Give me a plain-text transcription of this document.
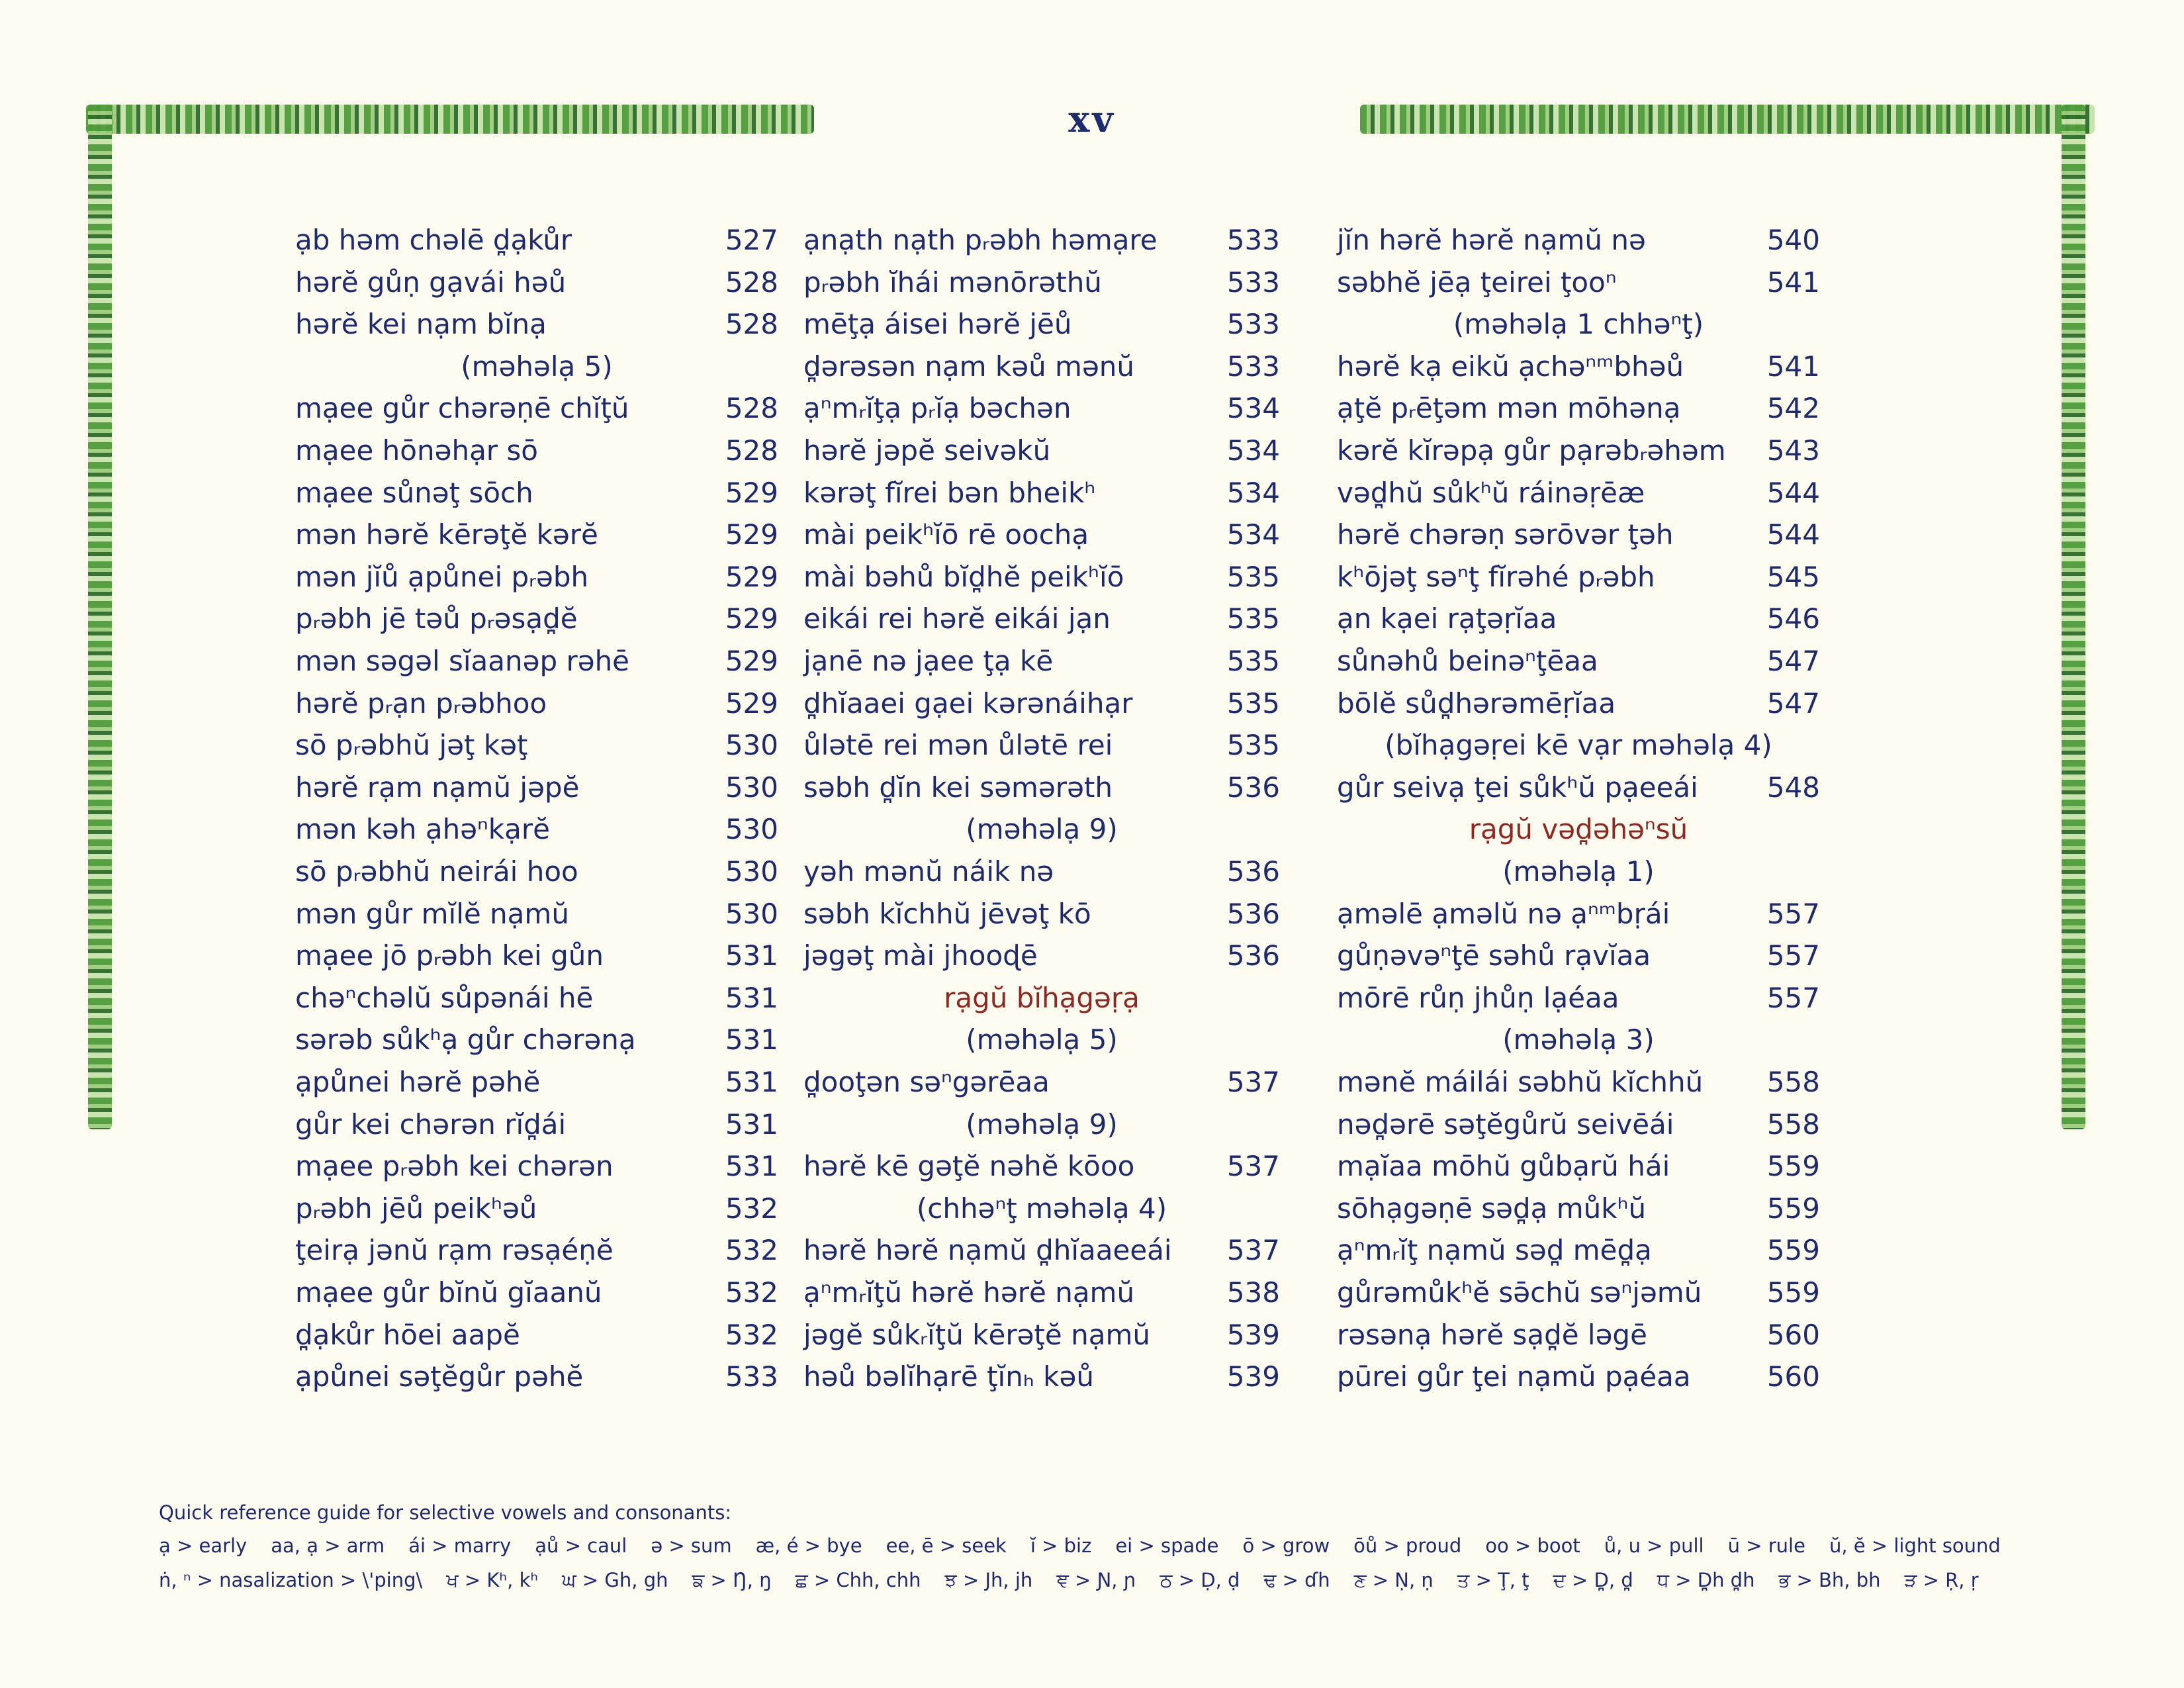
xv
ạb həm chəlē d̪ạkůr	527
hərĕ gůṇ gạvái həů	528
hərĕ kei nạm bĭnạ	528
(məhəlạ 5)
mạee gůr chərəṇē chĭţŭ	528
mạee hōnəhạr sō	528
mạee sůnəţ sōch	529
mən hərĕ kērəţĕ kərĕ	529
mən jĭů ạpůnei pᵣəbh	529
pᵣəbh jē təů pᵣəsạd̪ĕ	529
mən səgəl sĭaanəp rəhē	529
hərĕ pᵣạn pᵣəbhoo	529
sō pᵣəbhŭ jəţ kəţ	530
hərĕ rạm nạmŭ jəpĕ	530
mən kəh ạhəⁿkạrĕ	530
sō pᵣəbhŭ neirái hoo	530
mən gůr mĭlĕ nạmŭ	530
mạee jō pᵣəbh kei gůn	531
chəⁿchəlŭ sůpənái hē	531
sərəb sůkʰạ gůr chərənạ	531
ạpůnei hərĕ pəhĕ	531
gůr kei chərən rĭd̪ái	531
mạee pᵣəbh kei chərən	531
pᵣəbh jēů peikʰəů	532
ţeirạ jənŭ rạm rəsạéṇĕ	532
mạee gůr bĭnŭ gĭaanŭ	532
d̪ạkůr hōei aapĕ	532
ạpůnei səţĕgůr pəhĕ	533
ạnạth nạth pᵣəbh həmạre	533
pᵣəbh ĭhái mənōrəthŭ	533
mēţạ áisei hərĕ jēů	533
d̪ərəsən nạm kəů mənŭ	533
ạⁿmᵣĭţạ pᵣĭạ bəchən	534
hərĕ jəpĕ seivəkŭ	534
kərəţ fĭrei bən bheikʰ	534
mài peikʰĭō rē oochạ	534
mài bəhů bĭd̪hĕ peikʰĭō	535
eikái rei hərĕ eikái jạn	535
jạnē nə jạee ţạ kē	535
d̪hĭaaei gạei kərənáihạr	535
ůlətē rei mən ůlətē rei	535
səbh d̪ĭn kei səmərəth	536
(məhəlạ 9)
yəh mənŭ náik nə	536
səbh kĭchhŭ jēvəţ kō	536
jəgəţ mài jhooɖē	536
rạgŭ bĭhạgəṛạ
(məhəlạ 5)
d̪ooţən səⁿgərēaa	537
(məhəlạ 9)
hərĕ kē gəţĕ nəhĕ kōoo	537
(chhəⁿţ məhəlạ 4)
hərĕ hərĕ nạmŭ d̪hĭaaeeái	537
ạⁿmᵣĭţŭ hərĕ hərĕ nạmŭ	538
jəgĕ sůkᵣĭţŭ kērəţĕ nạmŭ	539
həů bəlĭhạrē ţĭnₕ kəů	539
jĭn hərĕ hərĕ nạmŭ nə	540
səbhĕ jēạ ţeirei ţooⁿ	541
(məhəlạ 1 chhəⁿţ)
hərĕ kạ eikŭ ạchəⁿᵐbhəů	541
ạţĕ pᵣēţəm mən mōhənạ	542
kərĕ kĭrəpạ gůr pạrəbᵣəhəm	543
vəd̪hŭ sůkʰŭ ráinəṛēæ	544
hərĕ chərəṇ sərōvər ţəh	544
kʰōjəţ səⁿţ fĭrəhé pᵣəbh	545
ạn kạei rạţəṛĭaa	546
sůnəhů beinəⁿţēaa	547
bōlĕ sůd̪hərəmēṛĭaa	547
(bĭhạgəṛei kē vạr məhəlạ 4)
gůr seivạ ţei sůkʰŭ pạeeái	548
rạgŭ vəd̪əhəⁿsŭ
(məhəlạ 1)
ạməlē ạməlŭ nə ạⁿᵐbṛái	557
gůṇəvəⁿţē səhů rạvĭaa	557
mōrē růṇ jhůṇ lạéaa	557
(məhəlạ 3)
mənĕ máilái səbhŭ kĭchhŭ	558
nəd̪ərē səţĕgůrŭ seivēái	558
mạĭaa mōhŭ gůbạrŭ hái	559
sōhạgəṇē səd̪ạ můkʰŭ	559
ạⁿmᵣĭţ nạmŭ səd̪ mēd̪ạ	559
gůrəmůkʰĕ sə̄chŭ səⁿjəmŭ	559
rəsənạ hərĕ sạd̪ĕ ləgē	560
pūrei gůr ţei nạmŭ pạéaa	560
Quick reference guide for selective vowels and consonants:
ạ > early aa, ạ > arm ái > marry ạů > caul ə > sum æ, é > bye ee, ē > seek ĭ > biz ei > spade ō > grow ōů > proud oo > boot ů, u > pull ū > rule ŭ, ĕ > light sound
ṅ, ⁿ > nasalization > \'ping\ ਖ > Kʰ, kʰ ਘ > Gh, gh ਙ > Ŋ, ŋ ਛ > Chh, chh ਝ > Jh, jh ਞ > Ɲ, ɲ ਠ > Ḍ, ḍ ਢ > ɗh ਣ > Ṇ, ṇ ਤ > Ţ, ţ ਦ > D̪, d̪ ਧ > D̪h d̪h ਭ > Bh, bh ੜ > Ṛ, ṛ
